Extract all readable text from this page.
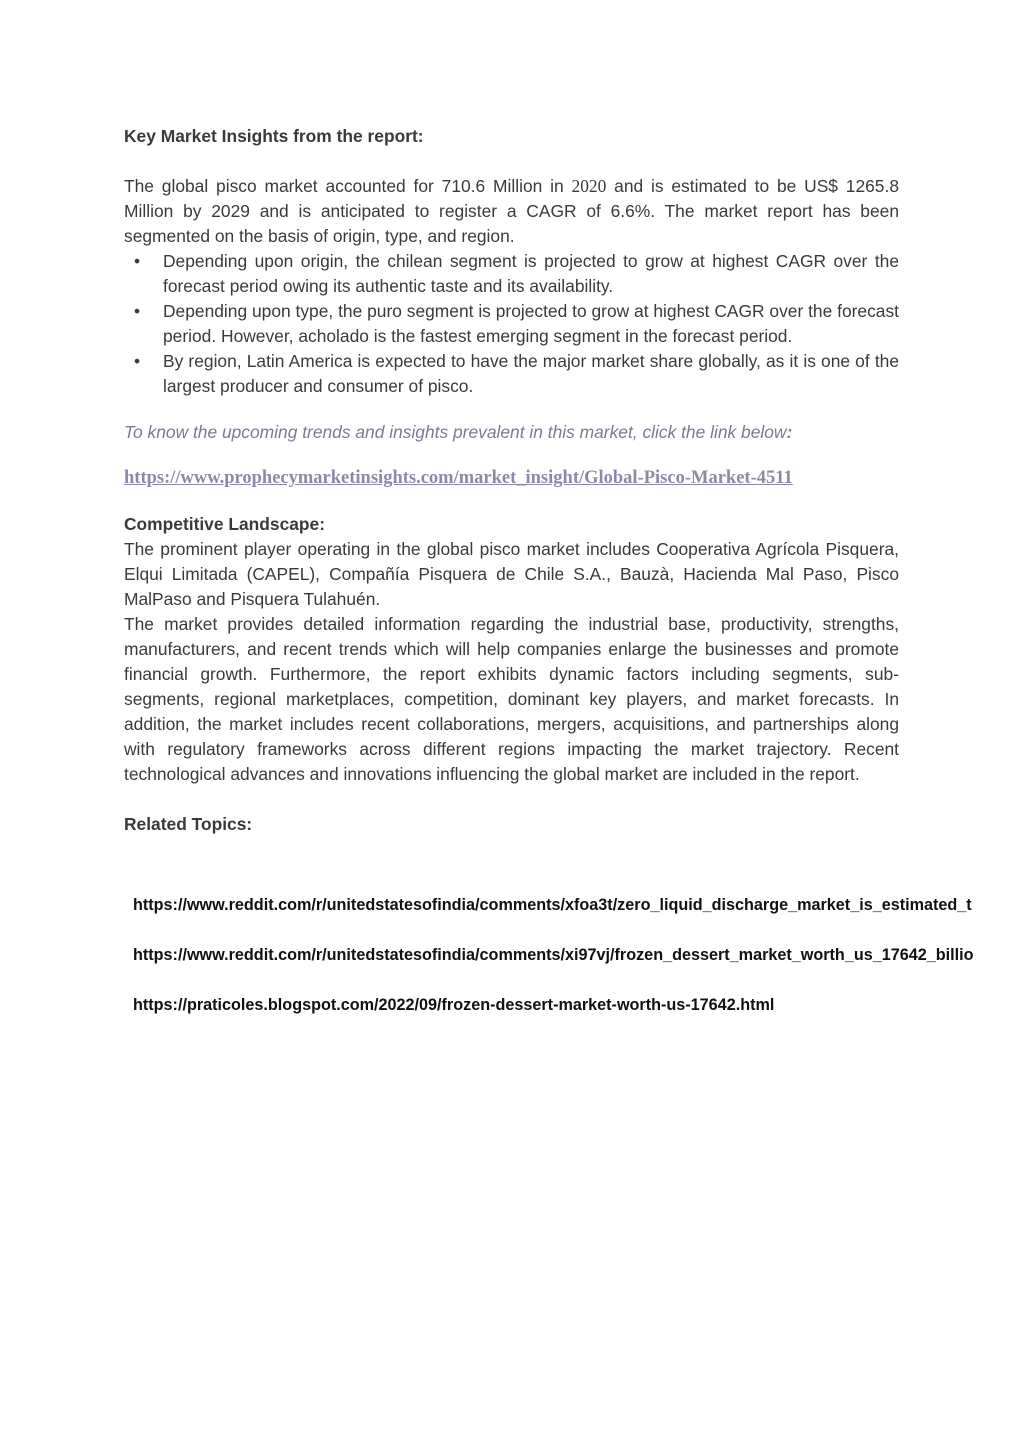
Key Market Insights from the report:

The global pisco market accounted for 710.6 Million in 2020 and is estimated to be US$ 1265.8 Million by 2029 and is anticipated to register a CAGR of 6.6%. The market report has been segmented on the basis of origin, type, and region.

• Depending upon origin, the chilean segment is projected to grow at highest CAGR over the forecast period owing its authentic taste and its availability.
• Depending upon type, the puro segment is projected to grow at highest CAGR over the forecast period. However, acholado is the fastest emerging segment in the forecast period.
• By region, Latin America is expected to have the major market share globally, as it is one of the largest producer and consumer of pisco.

To know the upcoming trends and insights prevalent in this market, click the link below:

https://www.prophecymarketinsights.com/market_insight/Global-Pisco-Market-4511

Competitive Landscape:

The prominent player operating in the global pisco market includes Cooperativa Agrícola Pisquera, Elqui Limitada (CAPEL), Compañía Pisquera de Chile S.A., Bauzà, Hacienda Mal Paso, Pisco MalPaso and Pisquera Tulahuén.

The market provides detailed information regarding the industrial base, productivity, strengths, manufacturers, and recent trends which will help companies enlarge the businesses and promote financial growth. Furthermore, the report exhibits dynamic factors including segments, sub-segments, regional marketplaces, competition, dominant key players, and market forecasts. In addition, the market includes recent collaborations, mergers, acquisitions, and partnerships along with regulatory frameworks across different regions impacting the market trajectory. Recent technological advances and innovations influencing the global market are included in the report.

Related Topics:

https://www.reddit.com/r/unitedstatesofindia/comments/xfoa3t/zero_liquid_discharge_market_is_estimated_t
https://www.reddit.com/r/unitedstatesofindia/comments/xi97vj/frozen_dessert_market_worth_us_17642_billio
https://praticoles.blogspot.com/2022/09/frozen-dessert-market-worth-us-17642.html
